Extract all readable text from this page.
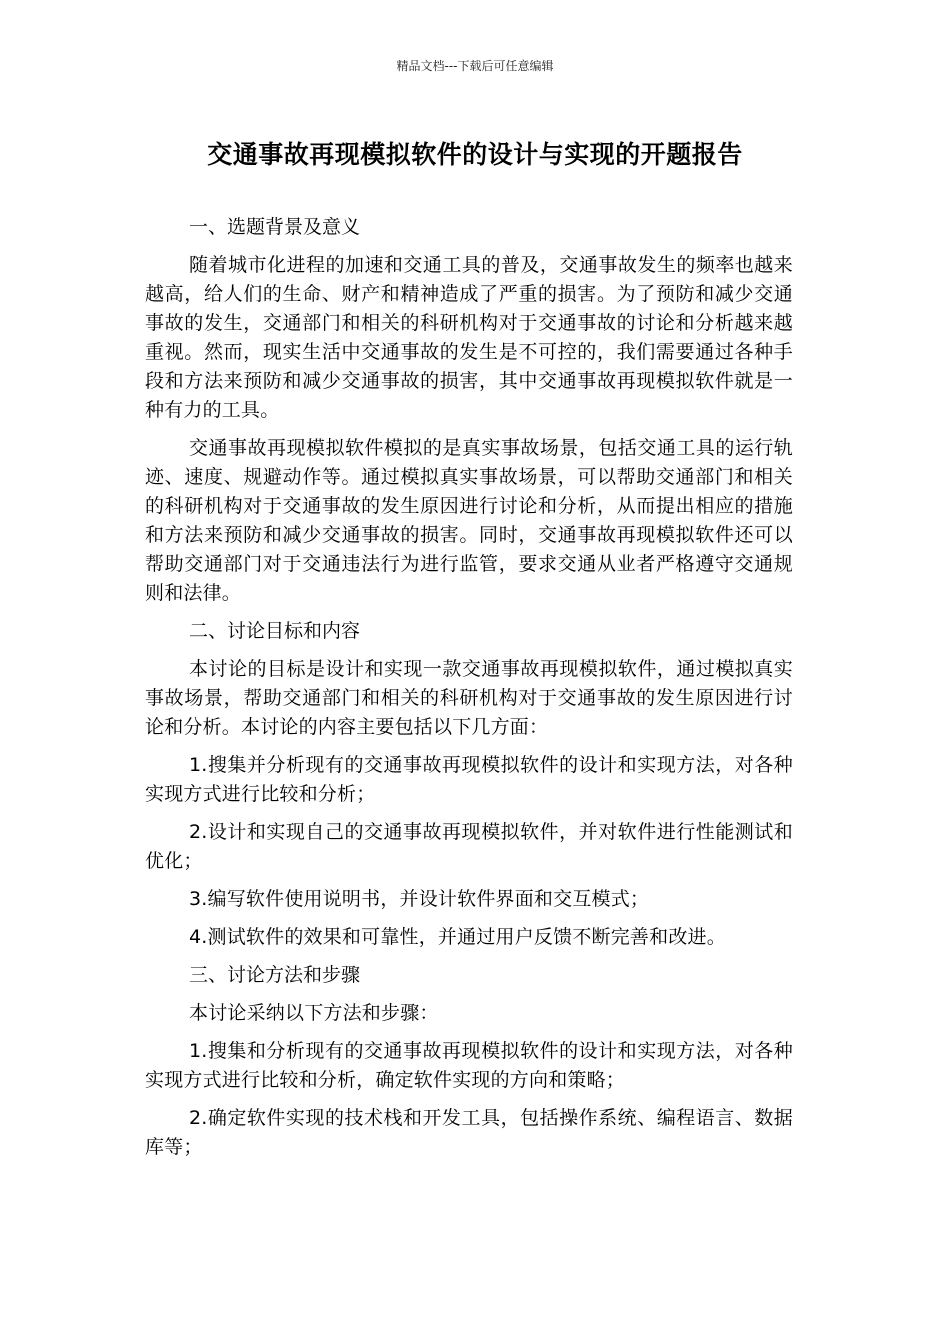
精品文档---下载后可任意编辑
交通事故再现模拟软件的设计与实现的开题报告

一、选题背景及意义

随着城市化进程的加速和交通工具的普及，交通事故发生的频率也越来越高，给人们的生命、财产和精神造成了严重的损害。为了预防和减少交通事故的发生，交通部门和相关的科研机构对于交通事故的讨论和分析越来越重视。然而，现实生活中交通事故的发生是不可控的，我们需要通过各种手段和方法来预防和减少交通事故的损害，其中交通事故再现模拟软件就是一种有力的工具。

交通事故再现模拟软件模拟的是真实事故场景，包括交通工具的运行轨迹、速度、规避动作等。通过模拟真实事故场景，可以帮助交通部门和相关的科研机构对于交通事故的发生原因进行讨论和分析，从而提出相应的措施和方法来预防和减少交通事故的损害。同时，交通事故再现模拟软件还可以帮助交通部门对于交通违法行为进行监管，要求交通从业者严格遵守交通规则和法律。

二、讨论目标和内容

本讨论的目标是设计和实现一款交通事故再现模拟软件，通过模拟真实事故场景，帮助交通部门和相关的科研机构对于交通事故的发生原因进行讨论和分析。本讨论的内容主要包括以下几方面：

1.搜集并分析现有的交通事故再现模拟软件的设计和实现方法，对各种实现方式进行比较和分析；

2.设计和实现自己的交通事故再现模拟软件，并对软件进行性能测试和优化；

3.编写软件使用说明书，并设计软件界面和交互模式；

4.测试软件的效果和可靠性，并通过用户反馈不断完善和改进。

三、讨论方法和步骤

本讨论采纳以下方法和步骤：

1.搜集和分析现有的交通事故再现模拟软件的设计和实现方法，对各种实现方式进行比较和分析，确定软件实现的方向和策略；

2.确定软件实现的技术栈和开发工具，包括操作系统、编程语言、数据库等；
